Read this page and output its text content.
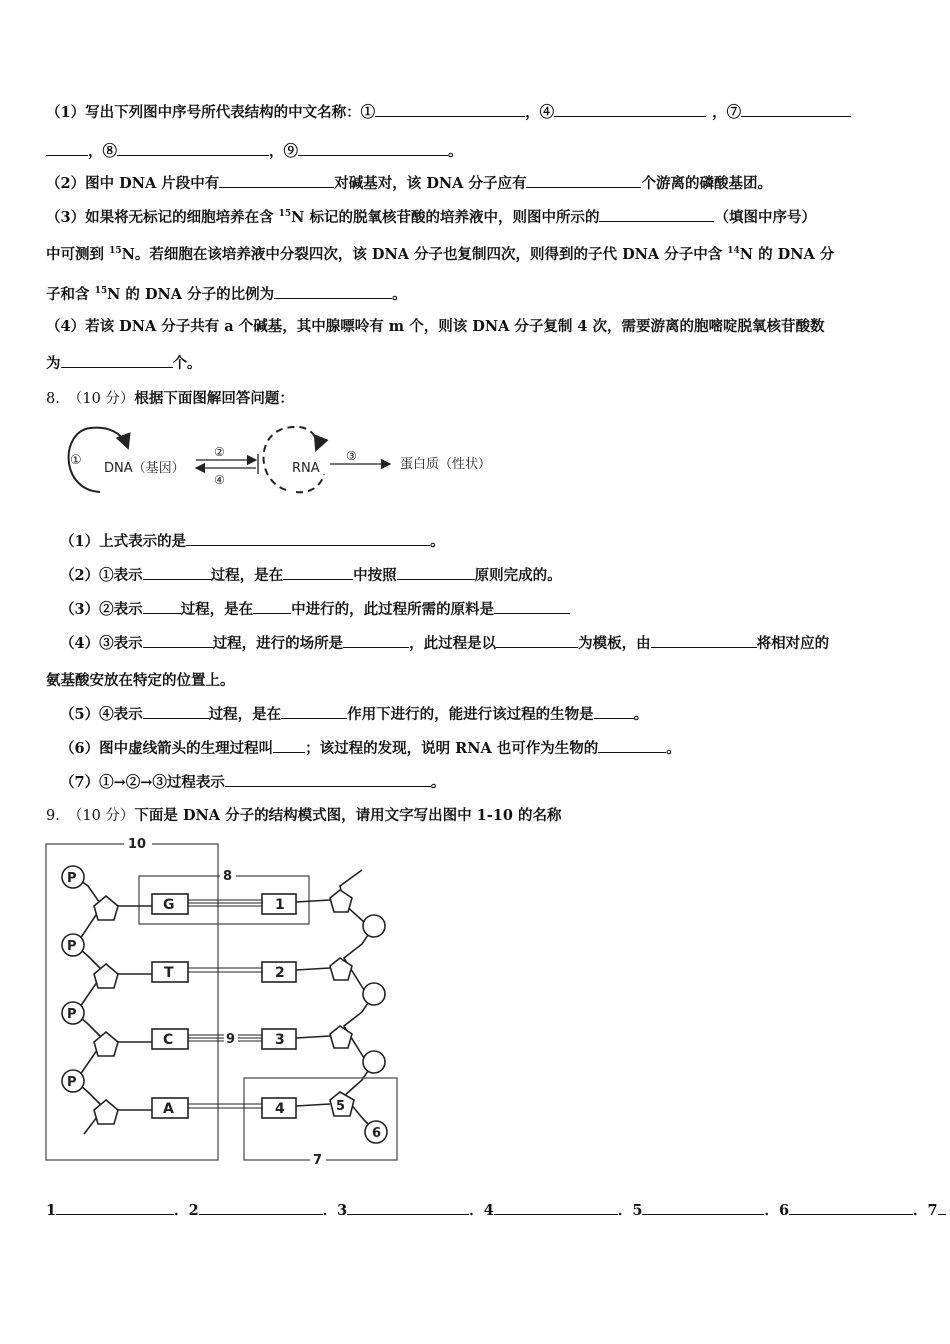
（1）写出下列图中序号所代表结构的中文名称：①	，④	，⑦
，⑧	，⑨	。
（2）图中 DNA 片段中有	对碱基对，该 DNA 分子应有	个游离的磷酸基团。
（3）如果将无标记的细胞培养在含 $^{15}$N 标记的脱氧核苷酸的培养液中，则图中所示的	（填图中序号）
中可测到 $^{15}$N。若细胞在该培养液中分裂四次，该 DNA 分子也复制四次，则得到的子代 DNA 分子中含 $^{14}$N 的 DNA 分
子和含 $^{15}$N 的 DNA 分子的比例为	。
（4）若该 DNA 分子共有 a 个碱基，其中腺嘌呤有 m 个，则该 DNA 分子复制 4 次，需要游离的胞嘧啶脱氧核苷酸数
为	个。
8. （10 分）根据下面图解回答问题：
①
DNA（基因）
②
④
RNA
③
蛋白质（性状）
（1）上式表示的是	。
（2）①表示	过程，是在	中按照	原则完成的。
（3）②表示	过程，是在	中进行的，此过程所需的原料是
（4）③表示	过程，进行的场所是	，此过程是以	为模板，由	将相对应的
氨基酸安放在特定的位置上。
（5）④表示	过程，是在	作用下进行的，能进行该过程的生物是	。
（6）图中虚线箭头的生理过程叫 ；该过程的发现，说明 RNA 也可作为生物的	。
（7）①→②→③过程表示	。
9. （10 分）下面是 DNA 分子的结构模式图，请用文字写出图中 1-10 的名称
10
8
7
P
P
P
P
5
6
9
G
T
C
A
1
2
3
4
1	．2	．3	．4	．5	．6	．7
